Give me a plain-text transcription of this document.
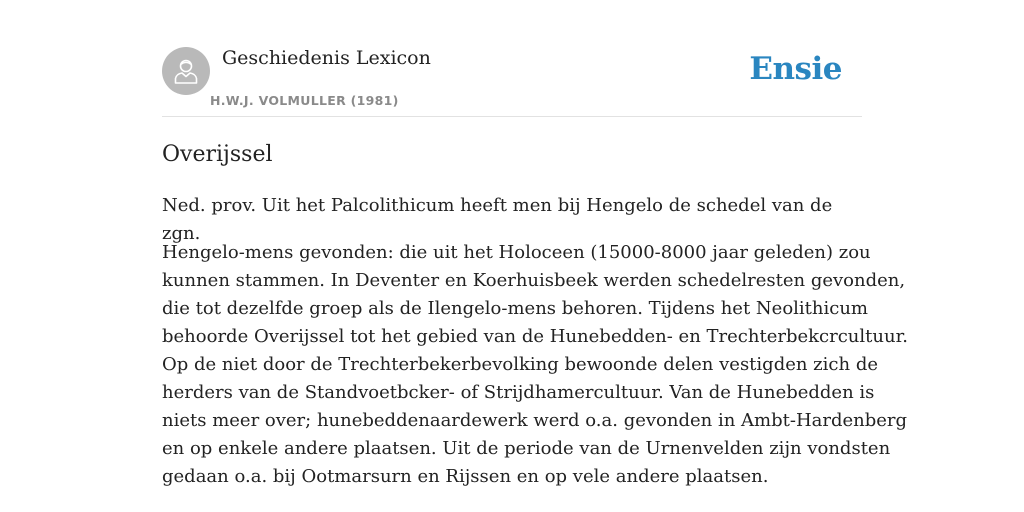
Geschiedenis Lexicon
H.W.J. VOLMULLER (1981)
Ensie
Overijssel

Ned. prov. Uit het Palcolithicum heeft men bij Hengelo de schedel van de zgn.

Hengelo-mens gevonden: die uit het Holoceen (15000-8000 jaar geleden) zou
kunnen stammen. In Deventer en Koerhuisbeek werden schedelresten gevonden,
die tot dezelfde groep als de Ilengelo-mens behoren. Tijdens het Neolithicum
behoorde Overijssel tot het gebied van de Hunebedden- en Trechterbekcrcultuur.
Op de niet door de Trechterbekerbevolking bewoonde delen vestigden zich de
herders van de Standvoetbcker- of Strijdhamercultuur. Van de Hunebedden is
niets meer over; hunebeddenaardewerk werd o.a. gevonden in Ambt-Hardenberg
en op enkele andere plaatsen. Uit de periode van de Urnenvelden zijn vondsten
gedaan o.a. bij Ootmarsurn en Rijssen en op vele andere plaatsen.
